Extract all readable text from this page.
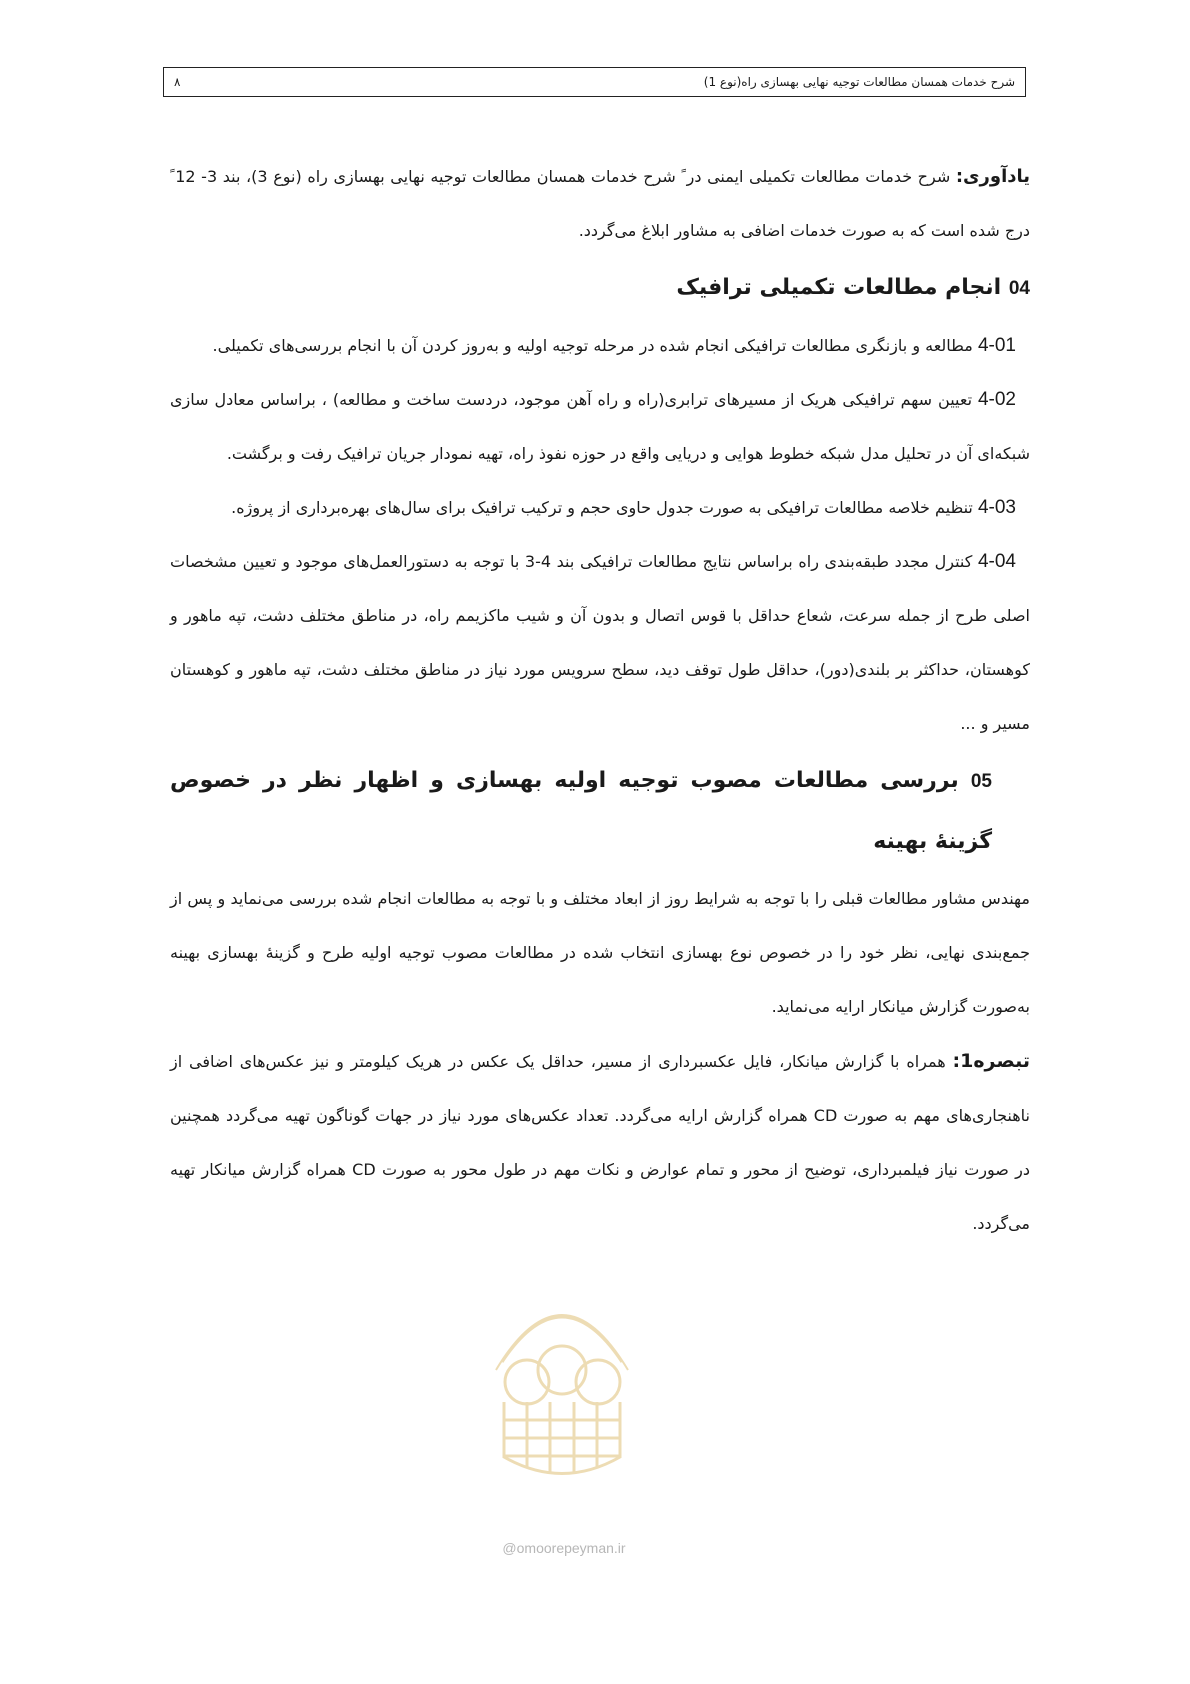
شرح خدمات همسان مطالعات توجیه نهایی بهسازی راه(نوع 1)
۸

یادآوری: شرح خدمات مطالعات تکمیلی ایمنی در ً شرح خدمات همسان مطالعات توجیه نهایی بهسازی راه (نوع 3)، بند 3- 12 ً درج شده است که به صورت خدمات اضافی به مشاور ابلاغ می‌گردد.

04 انجام مطالعات تکمیلی ترافیک

4-01 مطالعه و بازنگری مطالعات ترافیکی انجام شده در مرحله توجیه اولیه و به‌روز کردن آن با انجام بررسی‌های تکمیلی.

4-02 تعیین سهم ترافیکی هریک از مسیرهای ترابری(راه و راه آهن موجود، دردست ساخت و مطالعه) ، براساس معادل سازی شبکه‌ای آن در تحلیل مدل شبکه خطوط هوایی و دریایی واقع در حوزه نفوذ راه، تهیه نمودار جریان ترافیک رفت و برگشت.

4-03 تنظیم خلاصه مطالعات ترافیکی به صورت جدول حاوی حجم و ترکیب ترافیک برای سال‌های بهره‌برداری از پروژه.

4-04 کنترل مجدد طبقه‌بندی راه براساس نتایج مطالعات ترافیکی بند 4-3 با توجه به دستورالعمل‌های موجود و تعیین مشخصات اصلی طرح از جمله سرعت، شعاع حداقل با قوس اتصال و بدون آن و شیب ماکزیمم راه، در مناطق مختلف دشت، تپه ماهور و کوهستان، حداکثر بر بلندی(دور)، حداقل طول توقف دید، سطح سرویس مورد نیاز در مناطق مختلف دشت، تپه ماهور و کوهستان مسیر و ...

05 بررسی مطالعات مصوب توجیه اولیه بهسازی و اظهار نظر در خصوص گزینهٔ بهینه

مهندس مشاور مطالعات قبلی را با توجه به شرایط روز از ابعاد مختلف و با توجه به مطالعات انجام شده بررسی می‌نماید و پس از جمع‌بندی نهایی، نظر خود را در خصوص نوع بهسازی انتخاب شده در مطالعات مصوب توجیه اولیه طرح و گزینهٔ بهسازی بهینه به‌صورت گزارش میانکار ارایه می‌نماید.

تبصره1: همراه با گزارش میانکار، فایل عکسبرداری از مسیر، حداقل یک عکس در هریک کیلومتر و نیز عکس‌های اضافی از ناهنجاری‌های مهم به صورت CD همراه گزارش ارایه می‌گردد. تعداد عکس‌های مورد نیاز در جهات گوناگون تهیه می‌گردد همچنین در صورت نیاز فیلمبرداری، توضیح از محور و تمام عوارض و نکات مهم در طول محور به صورت CD همراه گزارش میانکار تهیه می‌گردد.

@omoorepeyman.ir
